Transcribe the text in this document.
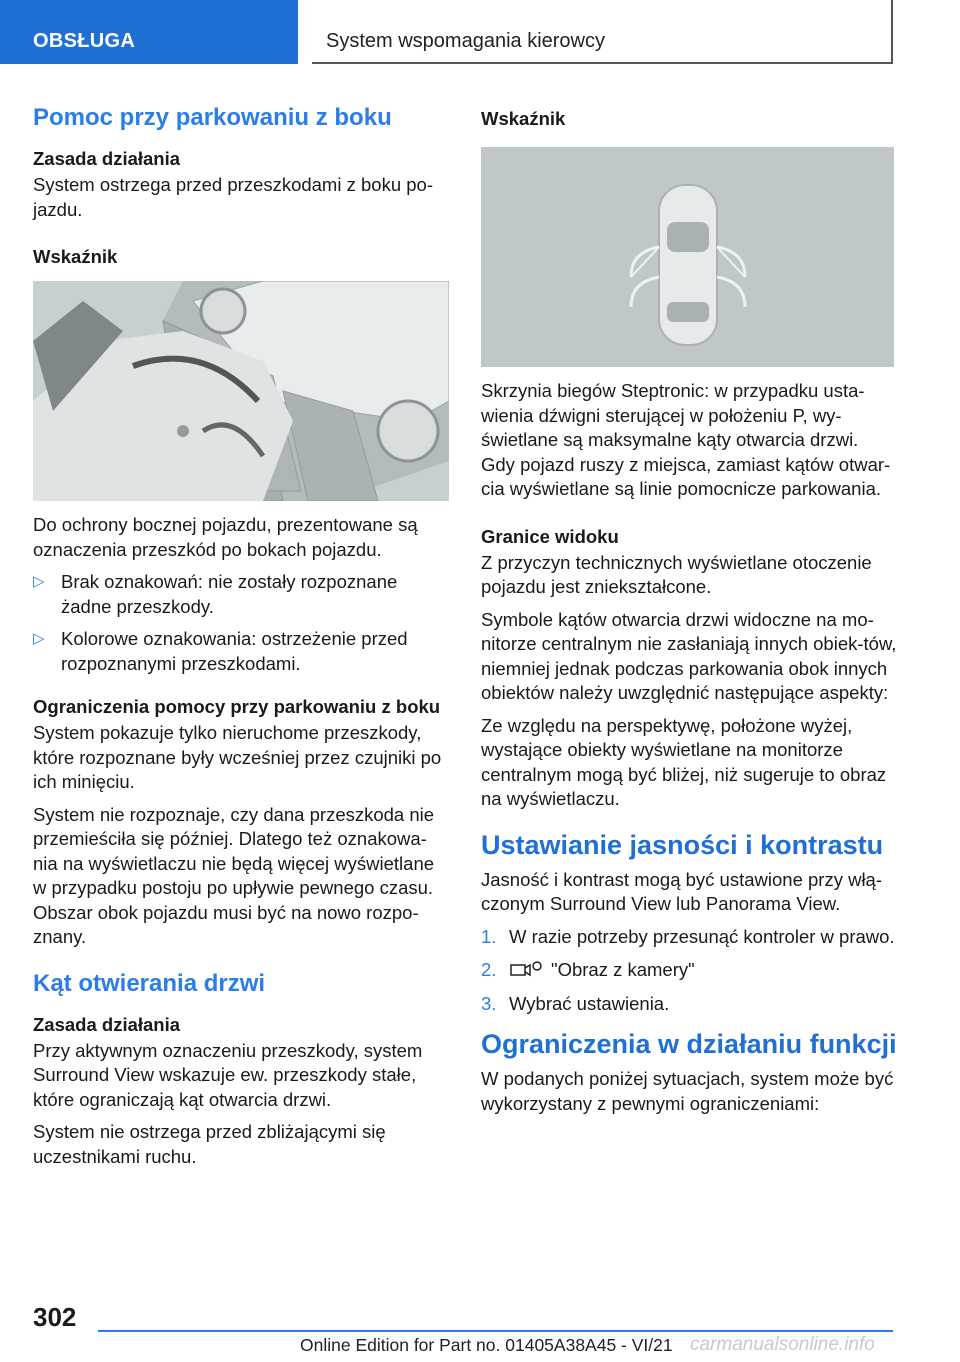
OBSŁUGA	System wspomagania kierowcy
Pomoc przy parkowaniu z boku
Zasada działania

System ostrzega przed przeszkodami z boku po-jazdu.

Wskaźnik

Do ochrony bocznej pojazdu, prezentowane są oznaczenia przeszkód po bokach pojazdu.

▷ Brak oznakowań: nie zostały rozpoznane żadne przeszkody.
▷ Kolorowe oznakowania: ostrzeżenie przed rozpoznanymi przeszkodami.
Ograniczenia pomocy przy parkowaniu z boku

System pokazuje tylko nieruchome przeszkody, które rozpoznane były wcześniej przez czujniki po ich minięciu.

System nie rozpoznaje, czy dana przeszkoda nie przemieściła się później. Dlatego też oznakowa-nia na wyświetlaczu nie będą więcej wyświetlane w przypadku postoju po upływie pewnego czasu. Obszar obok pojazdu musi być na nowo rozpo-znany.

Kąt otwierania drzwi
Zasada działania

Przy aktywnym oznaczeniu przeszkody, system Surround View wskazuje ew. przeszkody stałe, które ograniczają kąt otwarcia drzwi.

System nie ostrzega przed zbliżającymi się uczestnikami ruchu.

Wskaźnik

Skrzynia biegów Steptronic: w przypadku usta-wienia dźwigni sterującej w położeniu P, wy-świetlane są maksymalne kąty otwarcia drzwi. Gdy pojazd ruszy z miejsca, zamiast kątów otwar-cia wyświetlane są linie pomocnicze parkowania.

Granice widoku

Z przyczyn technicznych wyświetlane otoczenie pojazdu jest zniekształcone.

Symbole kątów otwarcia drzwi widoczne na mo-nitorze centralnym nie zasłaniają innych obiek-tów, niemniej jednak podczas parkowania obok innych obiektów należy uwzględnić następujące aspekty:

Ze względu na perspektywę, położone wyżej, wystające obiekty wyświetlane na monitorze centralnym mogą być bliżej, niż sugeruje to obraz na wyświetlaczu.

Ustawianie jasności i kontrastu

Jasność i kontrast mogą być ustawione przy włą-czonym Surround View lub Panorama View.

1. W razie potrzeby przesunąć kontroler w prawo.
2.	"Obraz z kamery"
3. Wybrać ustawienia.
Ograniczenia w działaniu funkcji

W podanych poniżej sytuacjach, system może być wykorzystany z pewnymi ograniczeniami:

302
Online Edition for Part no. 01405A38A45 - VI/21 carmanualsonline.info
